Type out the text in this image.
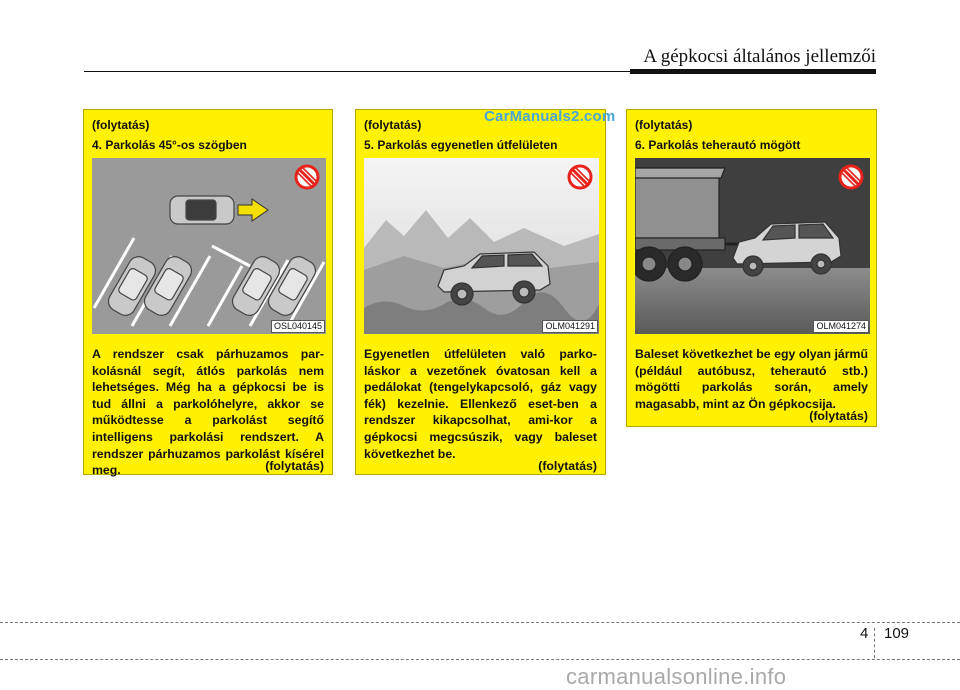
A gépkocsi általános jellemzői
(folytatás)
4. Parkolás 45°-os szögben
OSL040145
A rendszer csak párhuzamos par-kolásnál segít, átlós parkolás nem lehetséges. Még ha a gépkocsi be is tud állni a parkolóhelyre, akkor se működtesse a parkolást segítő intelligens parkolási rendszert. A rendszer párhuzamos parkolást kísérel meg.	(folytatás)
(folytatás)
5. Parkolás egyenetlen útfelületen
OLM041291
Egyenetlen útfelületen való parko-láskor a vezetőnek óvatosan kell a pedálokat (tengelykapcsoló, gáz vagy fék) kezelnie. Ellenkező eset-ben a rendszer kikapcsolhat, ami-kor a gépkocsi megcsúszik, vagy baleset következhet be.
(folytatás)
(folytatás)
6. Parkolás teherautó mögött
OLM041274
Baleset következhet be egy olyan jármű (például autóbusz, teherautó stb.) mögötti parkolás során, amely magasabb, mint az Ön gépkocsija.
(folytatás)
CarManuals2.com
4 109
carmanualsonline.info
